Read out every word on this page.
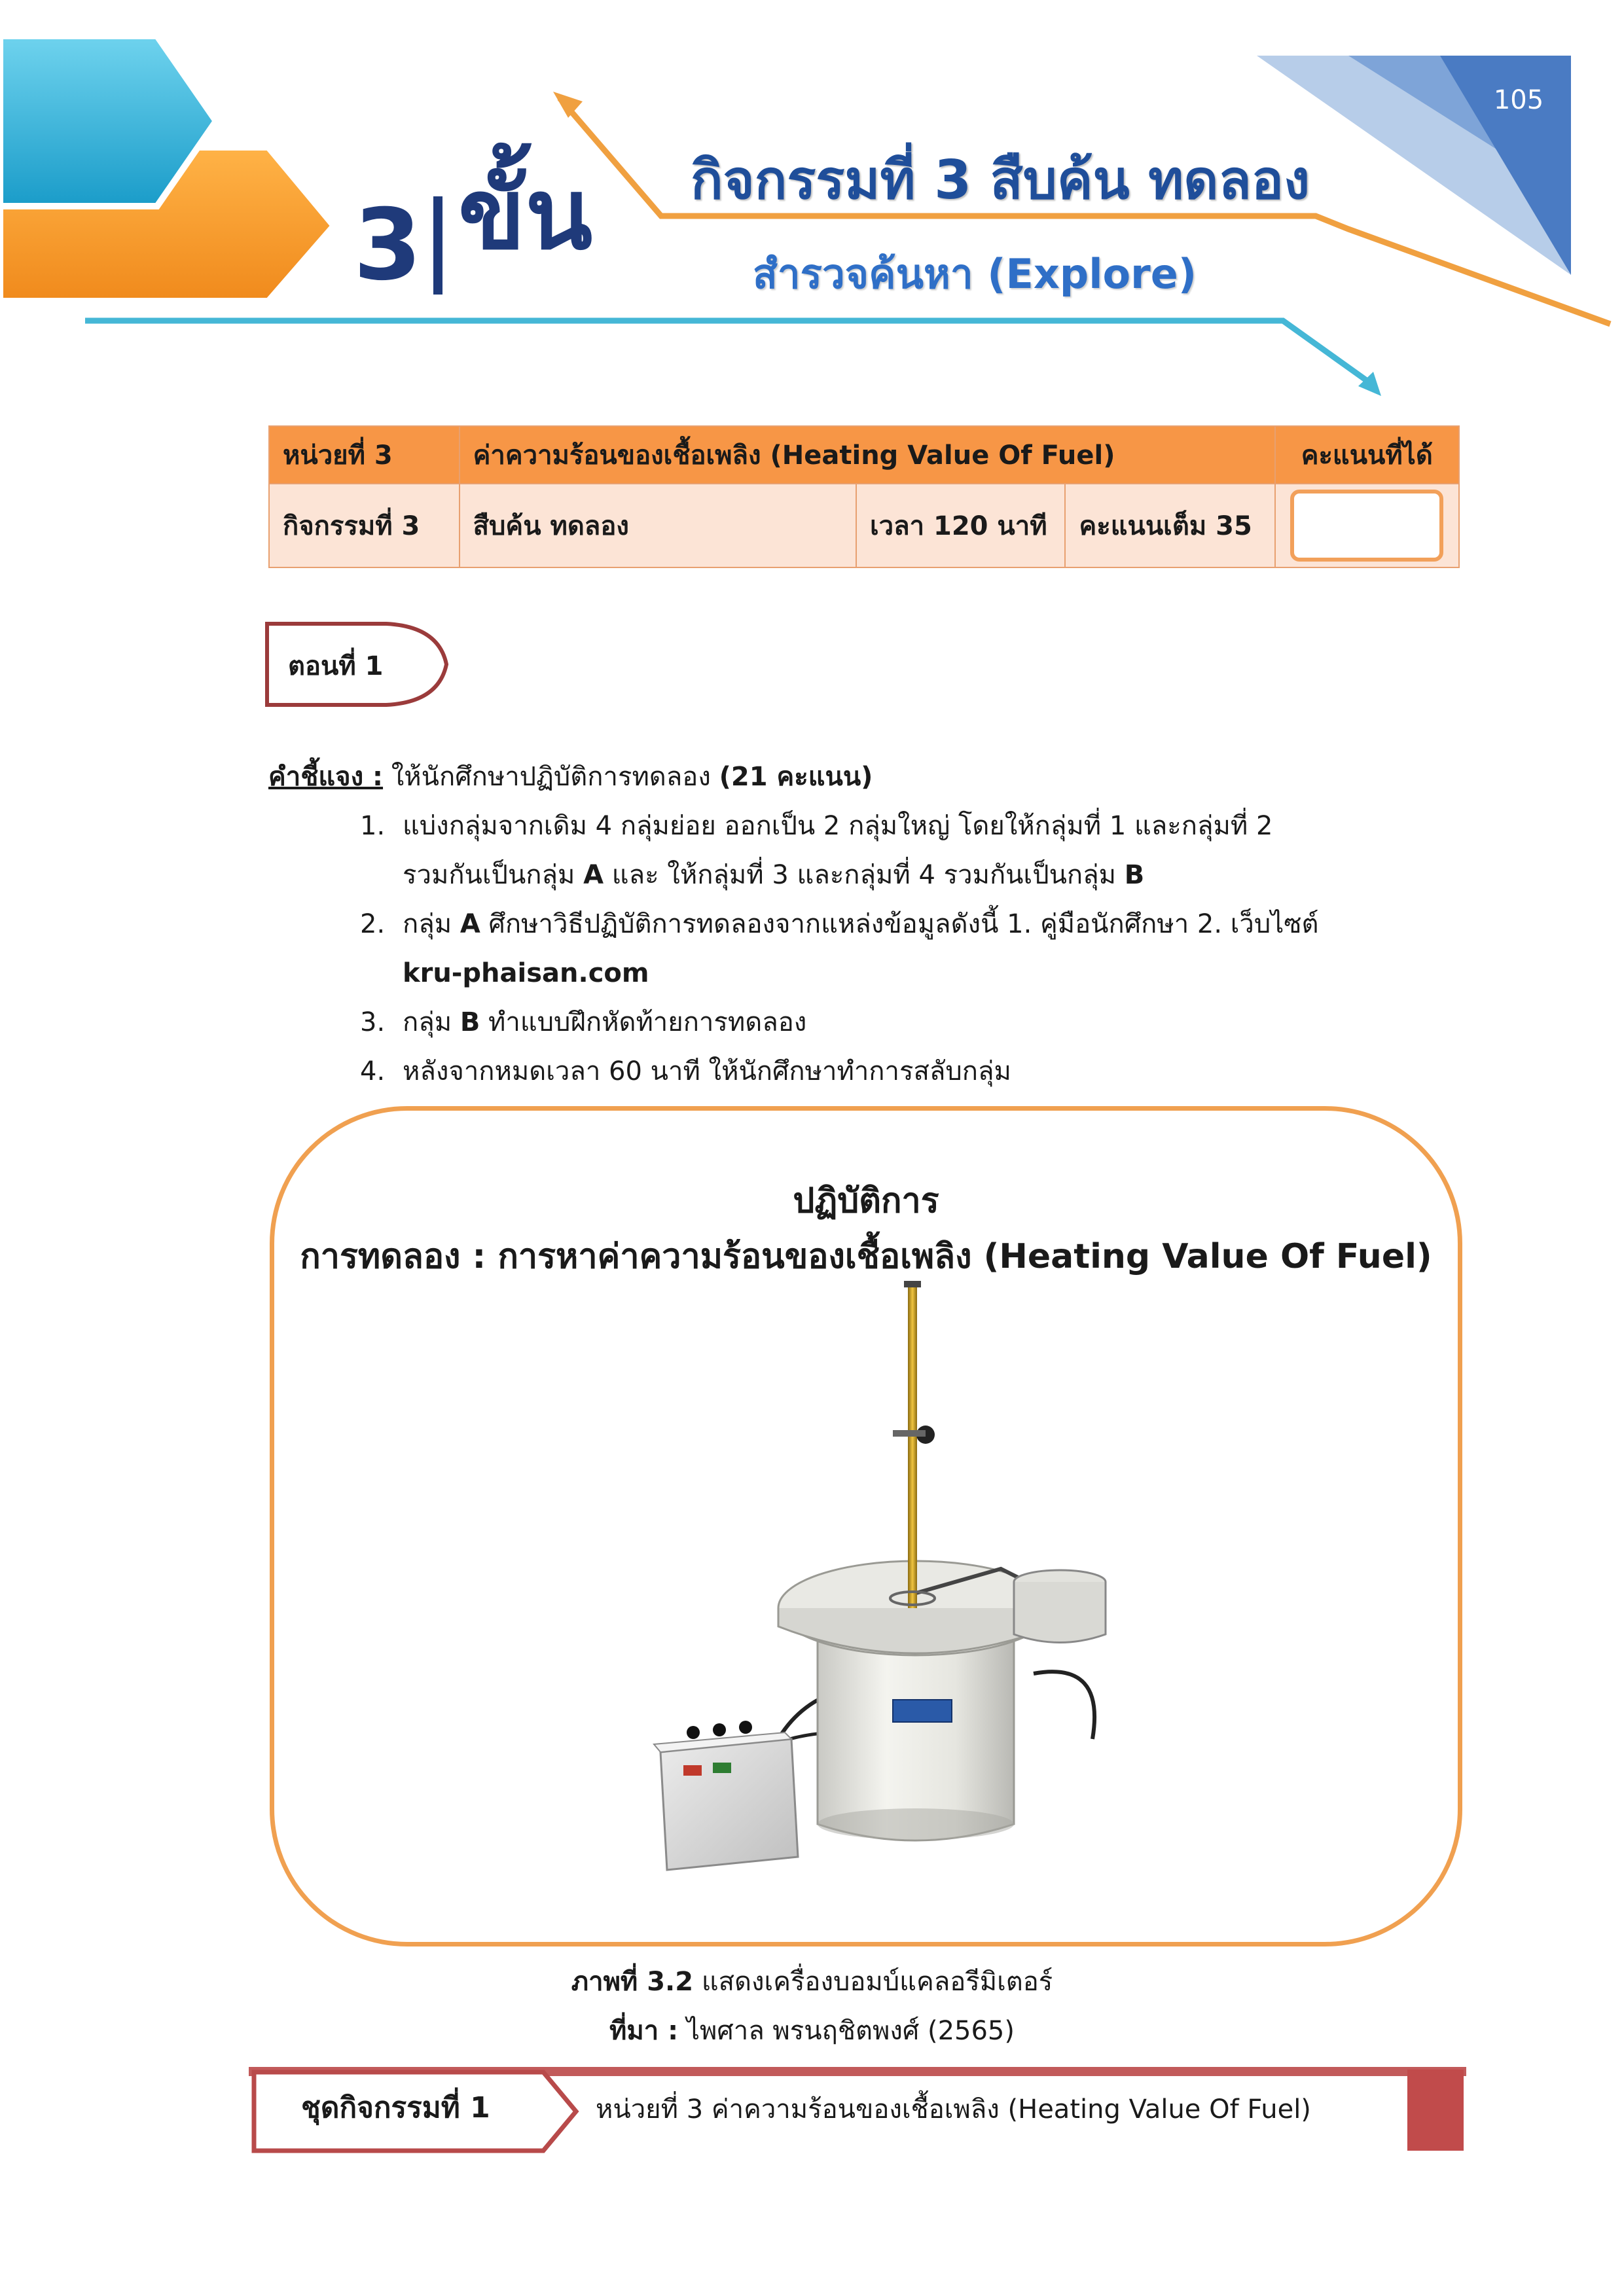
105
3 ขั้น กิจกรรมที่ 3 สืบค้น ทดลอง
สำรวจค้นหา (Explore)
หน่วยที่ 3	ค่าความร้อนของเชื้อเพลิง (Heating Value Of Fuel)			คะแนนที่ได้
กิจกรรมที่ 3	สืบค้น ทดลอง	เวลา 120 นาที	คะแนนเต็ม 35	
ตอนที่ 1
คำชี้แจง : ให้นักศึกษาปฏิบัติการทดลอง (21 คะแนน)
1. แบ่งกลุ่มจากเดิม 4 กลุ่มย่อย ออกเป็น 2 กลุ่มใหญ่ โดยให้กลุ่มที่ 1 และกลุ่มที่ 2
รวมกันเป็นกลุ่ม A และ ให้กลุ่มที่ 3 และกลุ่มที่ 4 รวมกันเป็นกลุ่ม B
2. กลุ่ม A ศึกษาวิธีปฏิบัติการทดลองจากแหล่งข้อมูลดังนี้ 1. คู่มือนักศึกษา 2. เว็บไซต์
kru-phaisan.com
3. กลุ่ม B ทำแบบฝึกหัดท้ายการทดลอง
4. หลังจากหมดเวลา 60 นาที ให้นักศึกษาทำการสลับกลุ่ม
ปฏิบัติการ
การทดลอง : การหาค่าความร้อนของเชื้อเพลิง (Heating Value Of Fuel)
ภาพที่ 3.2 แสดงเครื่องบอมบ์แคลอรีมิเตอร์
ที่มา : ไพศาล พรนฤชิตพงศ์ (2565)
ชุดกิจกรรมที่ 1	หน่วยที่ 3 ค่าความร้อนของเชื้อเพลิง (Heating Value Of Fuel)
